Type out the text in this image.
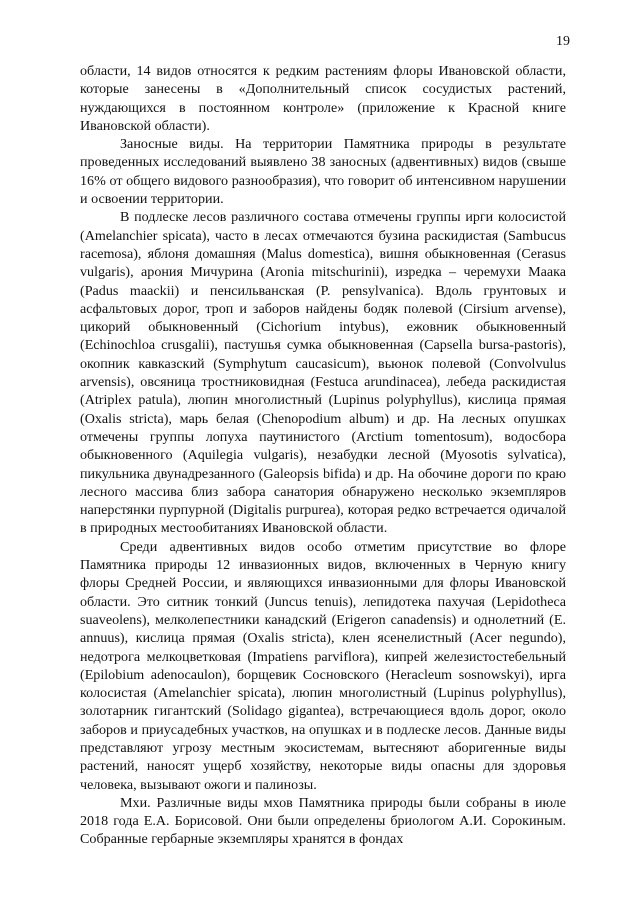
19

области, 14 видов относятся к редким растениям флоры Ивановской области, которые занесены в «Дополнительный список сосудистых растений, нуждающихся в постоянном контроле» (приложение к Красной книге Ивановской области).

Заносные виды. На территории Памятника природы в результате проведенных исследований выявлено 38 заносных (адвентивных) видов (свыше 16% от общего видового разнообразия), что говорит об интенсивном нарушении и освоении территории.

В подлеске лесов различного состава отмечены группы ирги колосистой (Amelanchier spicata), часто в лесах отмечаются бузина раскидистая (Sambucus racemosa), яблоня домашняя (Malus domestica), вишня обыкновенная (Cerasus vulgaris), арония Мичурина (Aronia mitschurinii), изредка – черемухи Маака (Padus maackii) и пенсильванская (P. pensylvanica). Вдоль грунтовых и асфальтовых дорог, троп и заборов найдены бодяк полевой (Cirsium arvense), цикорий обыкновенный (Cichorium intybus), ежовник обыкновенный (Echinochloa crusgalii), пастушья сумка обыкновенная (Capsella bursa-pastoris), окопник кавказский (Symphytum caucasicum), вьюнок полевой (Convolvulus arvensis), овсяница тростниковидная (Festuca arundinacea), лебеда раскидистая (Atriplex patula), люпин многолистный (Lupinus polyphyllus), кислица прямая (Oxalis stricta), марь белая (Chenopodium album) и др. На лесных опушках отмечены группы лопуха паутинистого (Arctium tomentosum), водосбора обыкновенного (Aquilegia vulgaris), незабудки лесной (Myosotis sylvatica), пикульника двунадрезанного (Galeopsis bifida) и др. На обочине дороги по краю лесного массива близ забора санатория обнаружено несколько экземпляров наперстянки пурпурной (Digitalis purpurea), которая редко встречается одичалой в природных местообитаниях Ивановской области.

Среди адвентивных видов особо отметим присутствие во флоре Памятника природы 12 инвазионных видов, включенных в Черную книгу флоры Средней России, и являющихся инвазионными для флоры Ивановской области. Это ситник тонкий (Juncus tenuis), лепидотека пахучая (Lepidotheca suaveolens), мелколепестники канадский (Erigeron canadensis) и однолетний (E. annuus), кислица прямая (Oxalis stricta), клен ясенелистный (Acer negundo), недотрога мелкоцветковая (Impatiens parviflora), кипрей железистостебельный (Epilobium adenocaulon), борщевик Сосновского (Heracleum sosnowskyi), ирга колосистая (Amelanchier spicata), люпин многолистный (Lupinus polyphyllus), золотарник гигантский (Solidago gigantea), встречающиеся вдоль дорог, около заборов и приусадебных участков, на опушках и в подлеске лесов. Данные виды представляют угрозу местным экосистемам, вытесняют аборигенные виды растений, наносят ущерб хозяйству, некоторые виды опасны для здоровья человека, вызывают ожоги и палинозы.

Мхи. Различные виды мхов Памятника природы были собраны в июле 2018 года Е.А. Борисовой. Они были определены бриологом А.И. Сорокиным. Собранные гербарные экземпляры хранятся в фондах
